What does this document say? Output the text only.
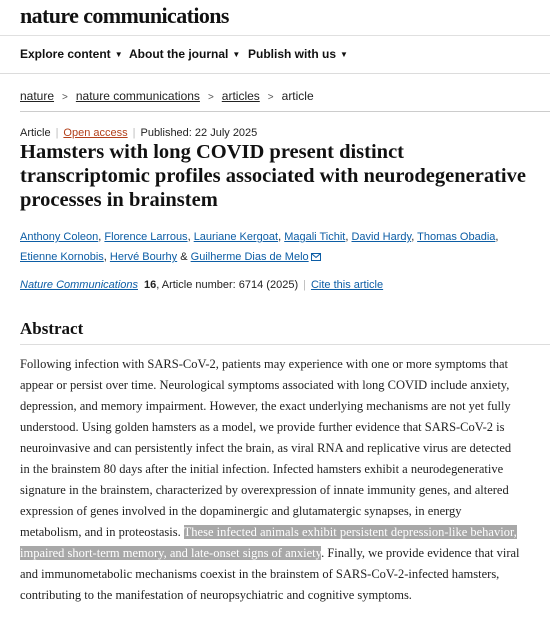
nature communications
Explore content ▼ About the journal ▼ Publish with us ▼
nature > nature communications > articles > article
Article | Open access | Published: 22 July 2025
Hamsters with long COVID present distinct transcriptomic profiles associated with neurodegenerative processes in brainstem
Anthony Coleon, Florence Larrous, Lauriane Kergoat, Magali Tichit, David Hardy, Thomas Obadia, Etienne Kornobis, Hervé Bourhy & Guilherme Dias de Melo
Nature Communications 16, Article number: 6714 (2025) | Cite this article
Abstract

Following infection with SARS-CoV-2, patients may experience with one or more symptoms that appear or persist over time. Neurological symptoms associated with long COVID include anxiety, depression, and memory impairment. However, the exact underlying mechanisms are not yet fully understood. Using golden hamsters as a model, we provide further evidence that SARS-CoV-2 is neuroinvasive and can persistently infect the brain, as viral RNA and replicative virus are detected in the brainstem 80 days after the initial infection. Infected hamsters exhibit a neurodegenerative signature in the brainstem, characterized by overexpression of innate immunity genes, and altered expression of genes involved in the dopaminergic and glutamatergic synapses, in energy metabolism, and in proteostasis. These infected animals exhibit persistent depression-like behavior, impaired short-term memory, and late-onset signs of anxiety. Finally, we provide evidence that viral and immunometabolic mechanisms coexist in the brainstem of SARS-CoV-2-infected hamsters, contributing to the manifestation of neuropsychiatric and cognitive symptoms.
